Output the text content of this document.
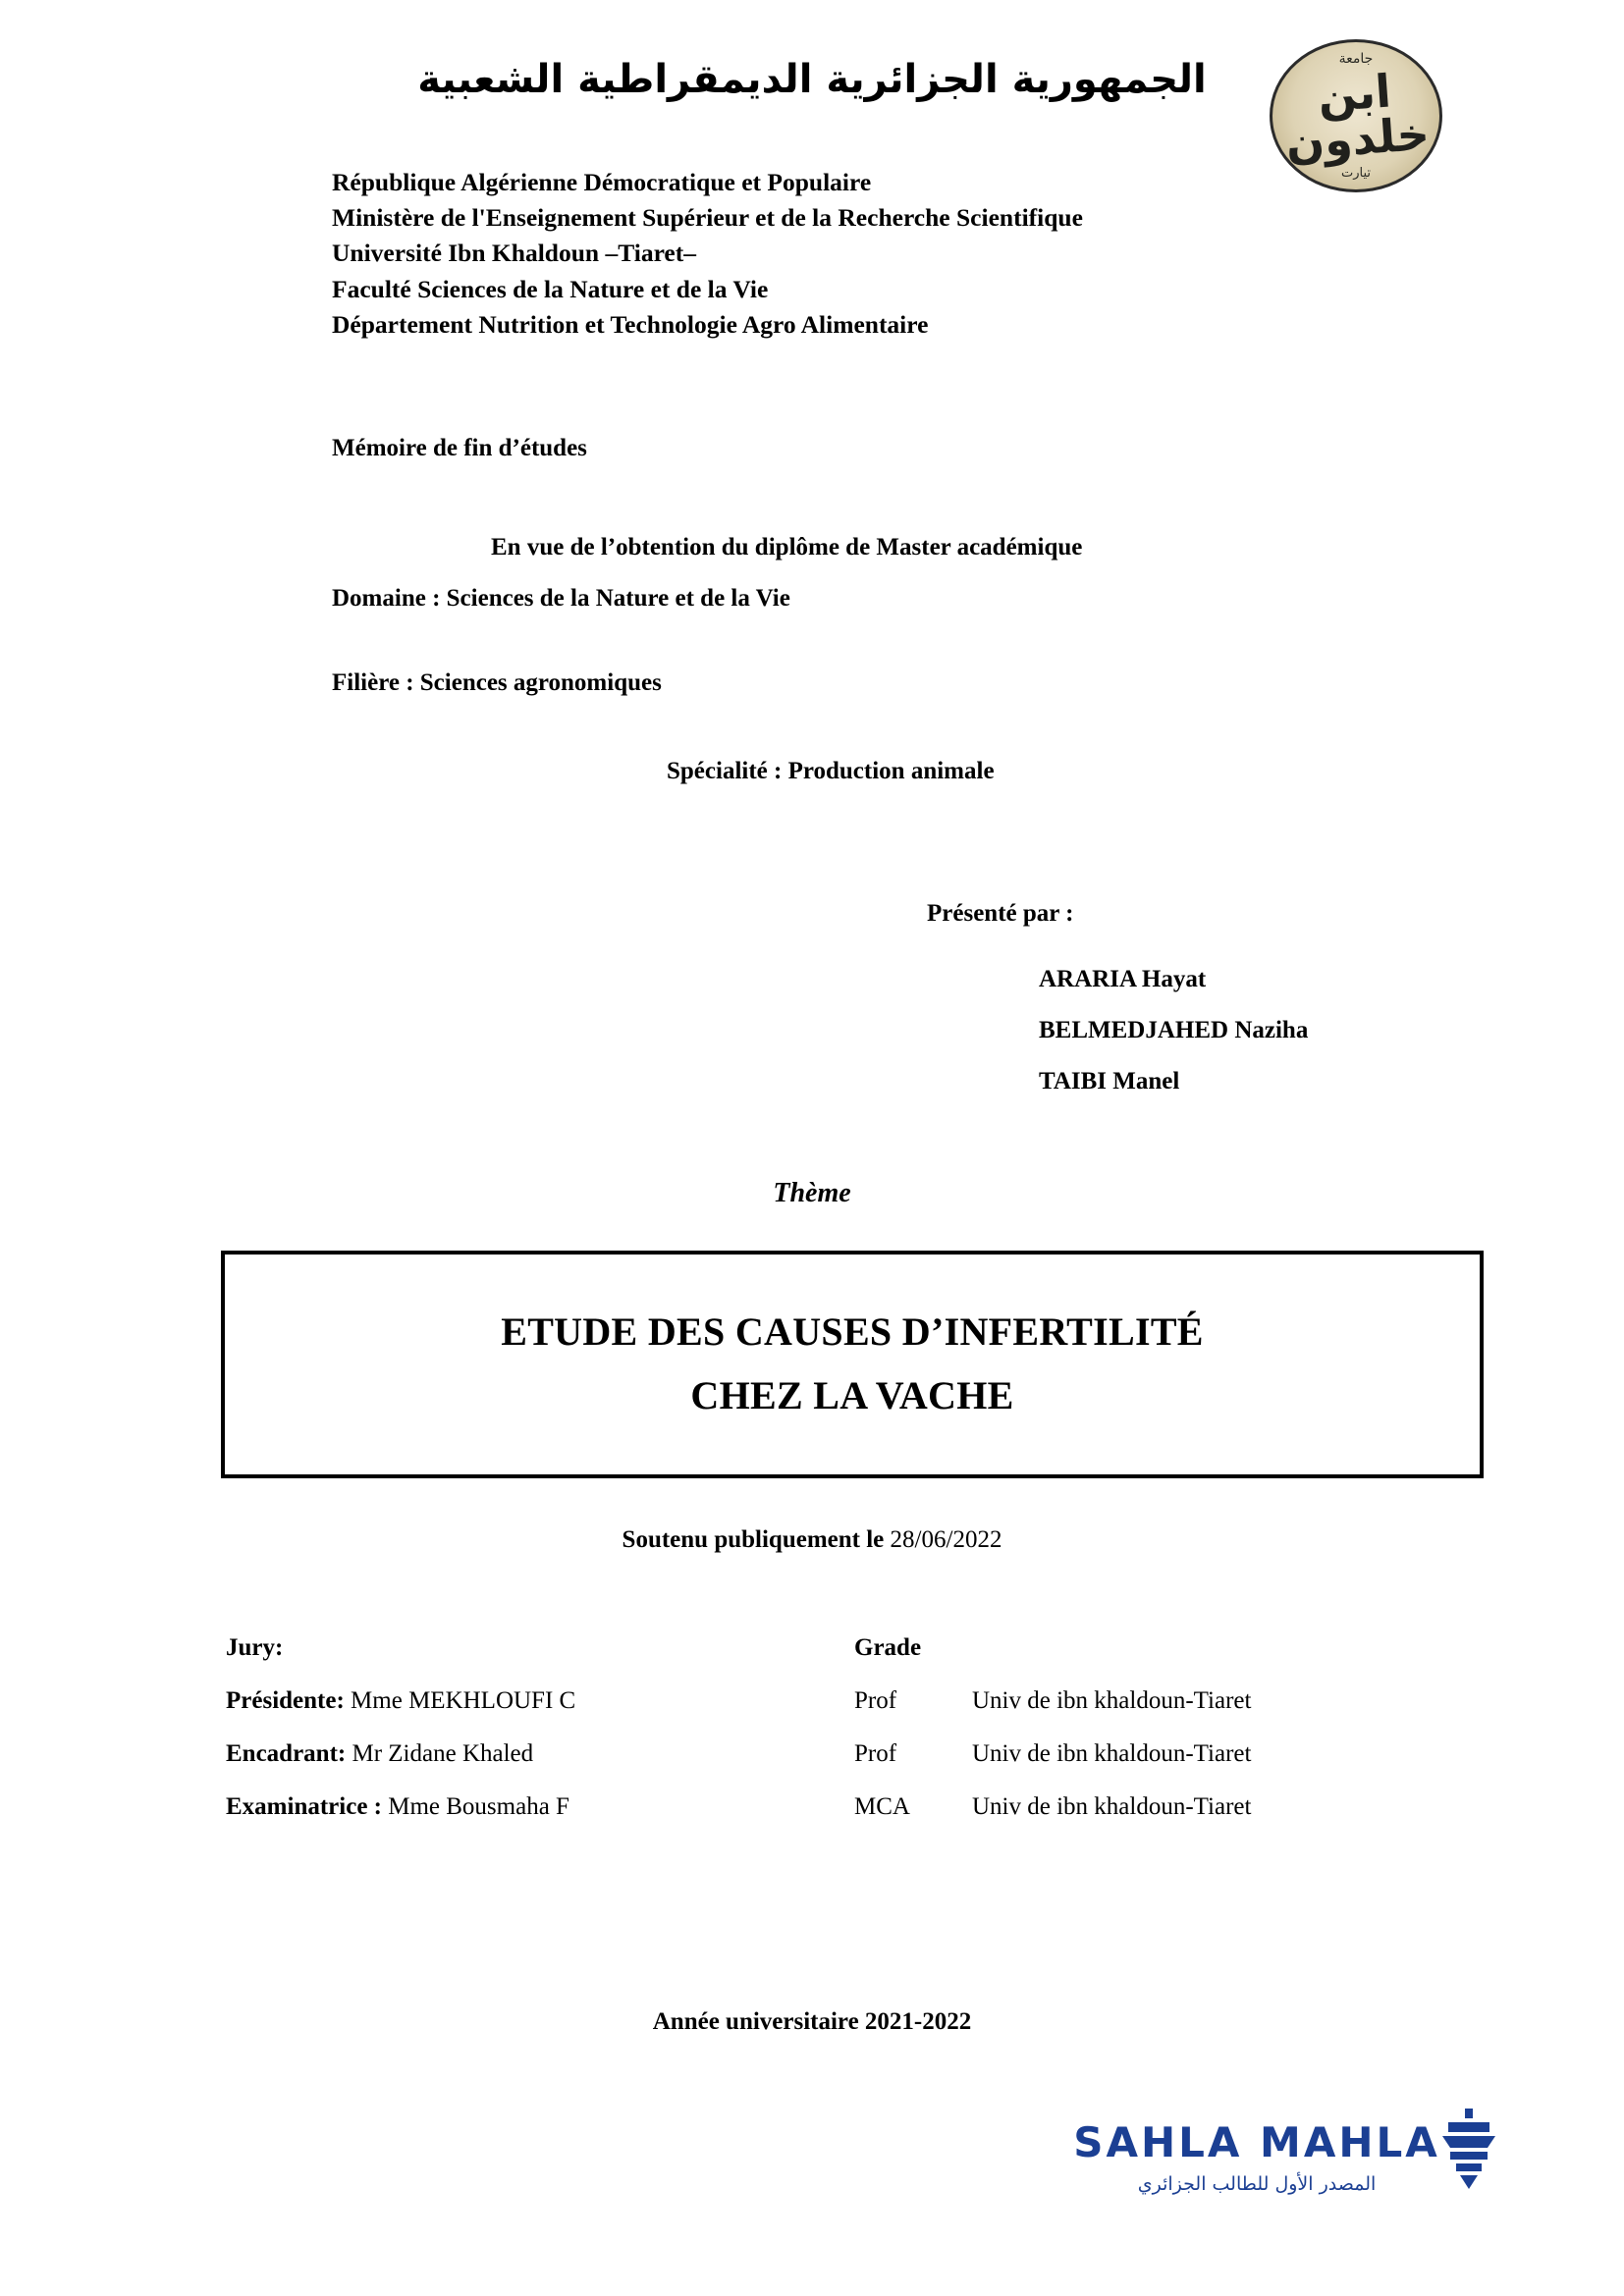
الجمهورية الجزائرية الديمقراطية الشعبية	جامعة
ابن خلدون
تيارت
République Algérienne Démocratique et Populaire
Ministère de l'Enseignement Supérieur et de la Recherche Scientifique
Université Ibn Khaldoun –Tiaret–
Faculté Sciences de la Nature et de la Vie
Département Nutrition et Technologie Agro Alimentaire
Mémoire de fin d’études
En vue de l’obtention du diplôme de Master académique
Domaine : Sciences de la Nature et de la Vie
Filière : Sciences agronomiques
Spécialité : Production animale
Présenté par :
ARARIA Hayat
BELMEDJAHED Naziha
TAIBI Manel
Thème
ETUDE DES CAUSES D’INFERTILITÉ
CHEZ LA VACHE
Soutenu publiquement le 28/06/2022
Jury:	Grade
Présidente: Mme MEKHLOUFI C	Prof	Univ de ibn khaldoun-Tiaret
Encadrant: Mr Zidane Khaled	Prof	Univ de ibn khaldoun-Tiaret
Examinatrice : Mme Bousmaha F	MCA	Univ de ibn khaldoun-Tiaret
Année universitaire 2021-2022
SAHLA MAHLA
المصدر الأول للطالب الجزائري
